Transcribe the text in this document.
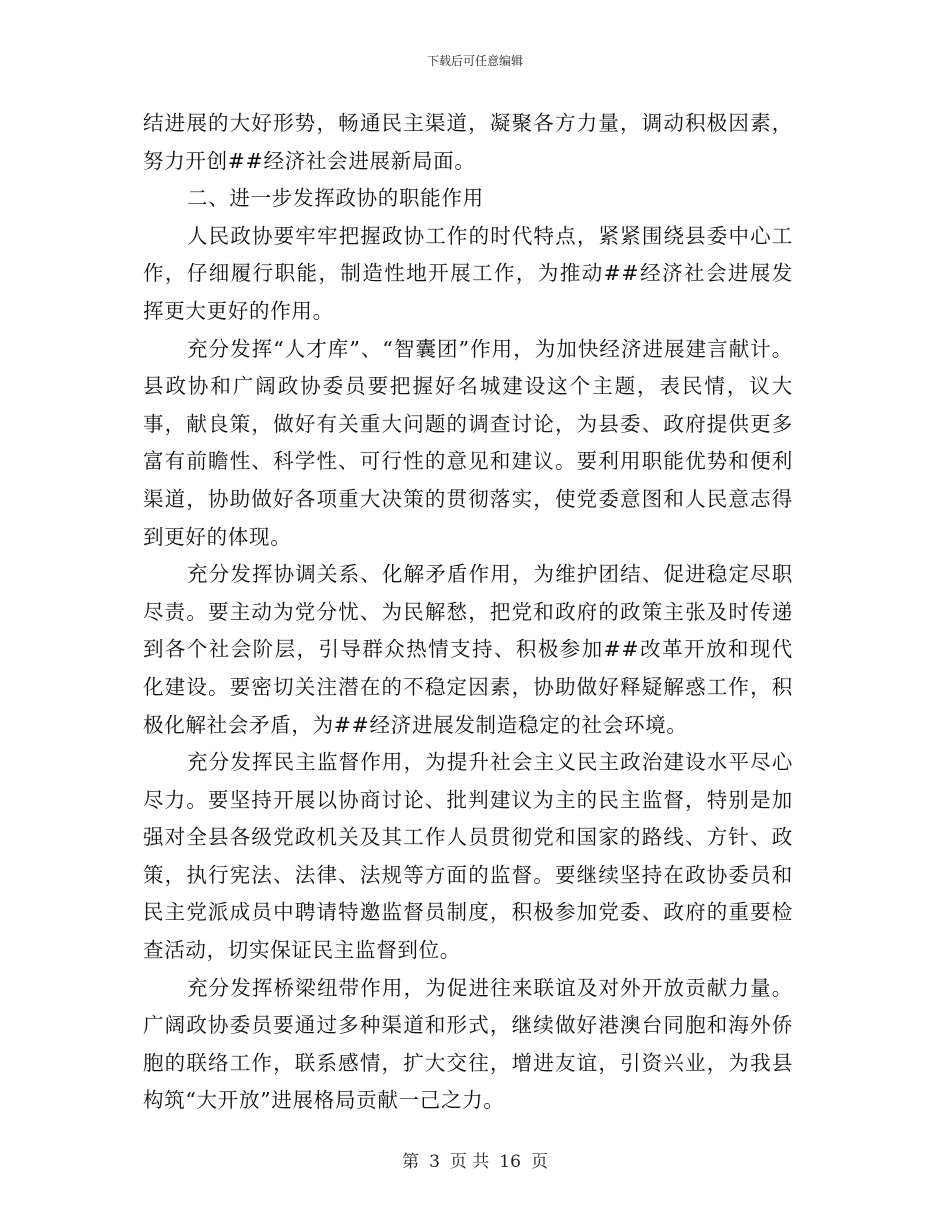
下载后可任意编辑

结进展的大好形势，畅通民主渠道，凝聚各方力量，调动积极因素，努力开创##经济社会进展新局面。

二、进一步发挥政协的职能作用

人民政协要牢牢把握政协工作的时代特点，紧紧围绕县委中心工作，仔细履行职能，制造性地开展工作，为推动##经济社会进展发挥更大更好的作用。

充分发挥“人才库”、“智囊团”作用，为加快经济进展建言献计。县政协和广阔政协委员要把握好名城建设这个主题，表民情，议大事，献良策，做好有关重大问题的调查讨论，为县委、政府提供更多富有前瞻性、科学性、可行性的意见和建议。要利用职能优势和便利渠道，协助做好各项重大决策的贯彻落实，使党委意图和人民意志得到更好的体现。

充分发挥协调关系、化解矛盾作用，为维护团结、促进稳定尽职尽责。要主动为党分忧、为民解愁，把党和政府的政策主张及时传递到各个社会阶层，引导群众热情支持、积极参加##改革开放和现代化建设。要密切关注潜在的不稳定因素，协助做好释疑解惑工作，积极化解社会矛盾，为##经济进展发制造稳定的社会环境。

充分发挥民主监督作用，为提升社会主义民主政治建设水平尽心尽力。要坚持开展以协商讨论、批判建议为主的民主监督，特别是加强对全县各级党政机关及其工作人员贯彻党和国家的路线、方针、政策，执行宪法、法律、法规等方面的监督。要继续坚持在政协委员和民主党派成员中聘请特邀监督员制度，积极参加党委、政府的重要检查活动，切实保证民主监督到位。

充分发挥桥梁纽带作用，为促进往来联谊及对外开放贡献力量。广阔政协委员要通过多种渠道和形式，继续做好港澳台同胞和海外侨胞的联络工作，联系感情，扩大交往，增进友谊，引资兴业，为我县构筑“大开放”进展格局贡献一己之力。

第 3 页 共 16 页
